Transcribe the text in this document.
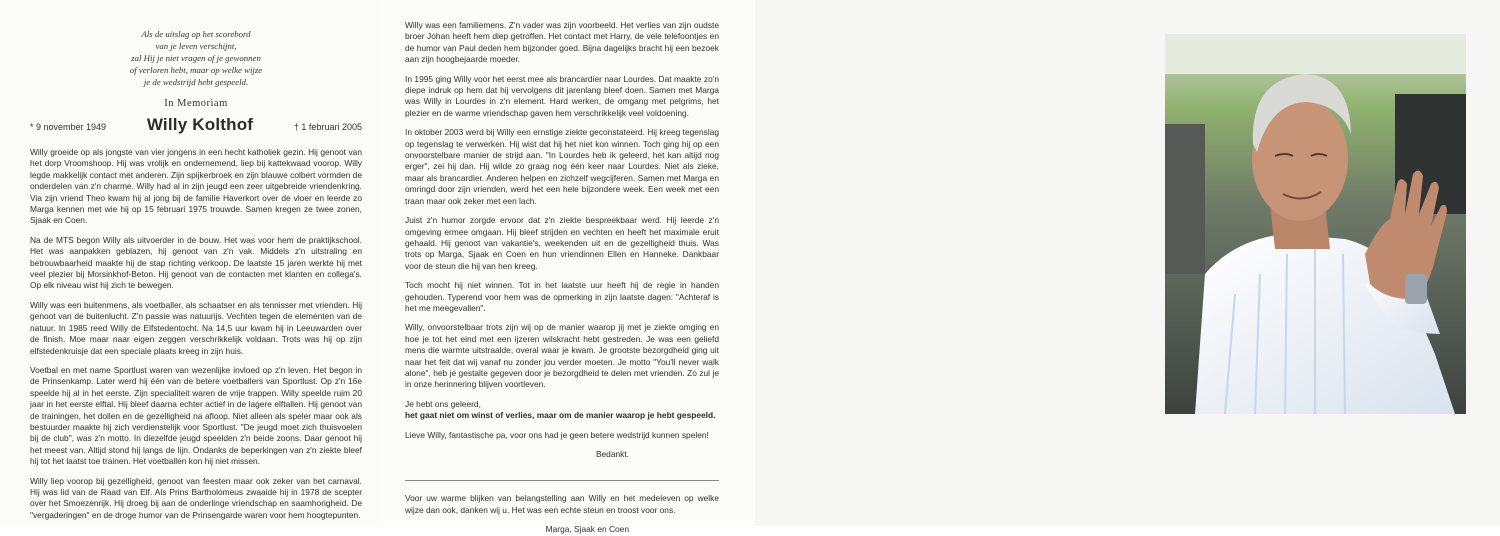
Als de uitslag op het scorebord
van je leven verschijnt,
zal Hij je niet vragen of je gewonnen
of verloren hebt, maar op welke wijze
je de wedstrijd hebt gespeeld.
In Memoriam
* 9 november 1949 Willy Kolthof	† 1 februari 2005

Willy groeide op als jongste van vier jongens in een hecht katholiek gezin. Hij genoot van het dorp Vroomshoop. Hij was vrolijk en ondernemend, liep bij kattekwaad voorop. Willy legde makkelijk contact met anderen. Zijn spijkerbroek en zijn blauwe colbert vormden de onderdelen van z'n charme. Willy had al in zijn jeugd een zeer uitgebreide vriendenkring. Via zijn vriend Theo kwam hij al jong bij de familie Haverkort over de vloer en leerde zo Marga kennen met wie hij op 15 februari 1975 trouwde. Samen kregen ze twee zonen, Sjaak en Coen.

Na de MTS begon Willy als uitvoerder in de bouw. Het was voor hem de praktijkschool. Het was aanpakken geblazen, hij genoot van z'n vak. Middels z'n uitstraling en betrouwbaarheid maakte hij de stap richting verkoop. De laatste 15 jaren werkte hij met veel plezier bij Morsinkhof-Beton. Hij genoot van de contacten met klanten en collega's. Op elk niveau wist hij zich te bewegen.

Willy was een buitenmens, als voetballer, als schaatser en als tennisser met vrienden. Hij genoot van de buitenlucht. Z'n passie was natuurijs. Vechten tegen de elementen van de natuur. In 1985 reed Willy de Elfstedentocht. Na 14,5 uur kwam hij in Leeuwarden over de finish. Moe maar naar eigen zeggen verschrikkelijk voldaan. Trots was hij op zijn elfstedenkruisje dat een speciale plaats kreeg in zijn huis.

Voetbal en met name Sportlust waren van wezenlijke invloed op z'n leven. Het begon in de Prinsenkamp. Later werd hij één van de betere voetballers van Sportlust. Op z'n 16e speelde hij al in het eerste. Zijn specialiteit waren de vrije trappen. Willy speelde ruim 20 jaar in het eerste elftal. Hij bleef daarna echter actief in de lagere elftallen. Hij genoot van de trainingen, het dollen en de gezelligheid na afloop. Niet alleen als speler maar ook als bestuurder maakte hij zich verdienstelijk voor Sportlust. "De jeugd moet zich thuisvoelen bij de club", was z'n motto. In diezelfde jeugd speelden z'n beide zoons. Daar genoot hij het meest van. Altijd stond hij langs de lijn. Ondanks de beperkingen van z'n ziekte bleef hij tot het laatst toe trainen. Het voetballen kon hij niet missen.

Willy liep voorop bij gezelligheid, genoot van feesten maar ook zeker van het carnaval. Hij was lid van de Raad van Elf. Als Prins Bartholomeus zwaaide hij in 1978 de scepter over het Smoezenrijk. Hij droeg bij aan de onderlinge vriendschap en saamhorigheid. De "vergaderingen" en de droge humor van de Prinsengarde waren voor hem hoogtepunten.

Willy was een familiemens. Z'n vader was zijn voorbeeld. Het verlies van zijn oudste broer Johan heeft hem diep getroffen. Het contact met Harry, de vele telefoontjes en de humor van Paul deden hem bijzonder goed. Bijna dagelijks bracht hij een bezoek aan zijn hoogbejaarde moeder.

In 1995 ging Willy voor het eerst mee als brancardier naar Lourdes. Dat maakte zo'n diepe indruk op hem dat hij vervolgens dit jarenlang bleef doen. Samen met Marga was Willy in Lourdes in z'n element. Hard werken, de omgang met pelgrims, het plezier en de warme vriendschap gaven hem verschrikkelijk veel voldoening.

In oktober 2003 werd bij Willy een ernstige ziekte geconstateerd. Hij kreeg tegenslag op tegenslag te verwerken. Hij wist dat hij het niet kon winnen. Toch ging hij op een onvoorstelbare manier de strijd aan. "In Lourdes heb ik geleerd, het kan altijd nog erger", zei hij dan. Hij wilde zo graag nog één keer naar Lourdes. Niet als zieke, maar als brancardier. Anderen helpen en zichzelf wegcijferen. Samen met Marga en omringd door zijn vrienden, werd het een hele bijzondere week. Een week met een traan maar ook zeker met een lach.

Juist z'n humor zorgde ervoor dat z'n ziekte bespreekbaar werd. Hij leerde z'n omgeving ermee omgaan. Hij bleef strijden en vechten en heeft het maximale eruit gehaald. Hij genoot van vakantie's, weekenden uit en de gezelligheid thuis. Was trots op Marga, Sjaak en Coen en hun vriendinnen Ellen en Hanneke. Dankbaar voor de steun die hij van hen kreeg.

Toch mocht hij niet winnen. Tot in het laatste uur heeft hij de regie in handen gehouden. Typerend voor hem was de opmerking in zijn laatste dagen: "Achteraf is het me meegevallen".

Willy, onvoorstelbaar trots zijn wij op de manier waarop jij met je ziekte omging en hoe je tot het eind met een ijzeren wilskracht hebt gestreden. Je was een geliefd mens die warmte uitstraalde, overal waar je kwam. Je grootste bezorgdheid ging uit naar het feit dat wij vanaf nu zonder jou verder moeten. Je motto "You'll never walk alone", heb je gestalte gegeven door je bezorgdheid te delen met vrienden. Zo zul je in onze herinnering blijven voortleven.

Je hebt ons geleerd,

het gaat niet om winst of verlies, maar om de manier waarop je hebt gespeeld.

Lieve Willy, fantastische pa, voor ons had je geen betere wedstrijd kunnen spelen!

Bedankt.

Voor uw warme blijken van belangstelling aan Willy en het medeleven op welke wijze dan ook, danken wij u. Het was een echte steun en troost voor ons.

Marga, Sjaak en Coen
